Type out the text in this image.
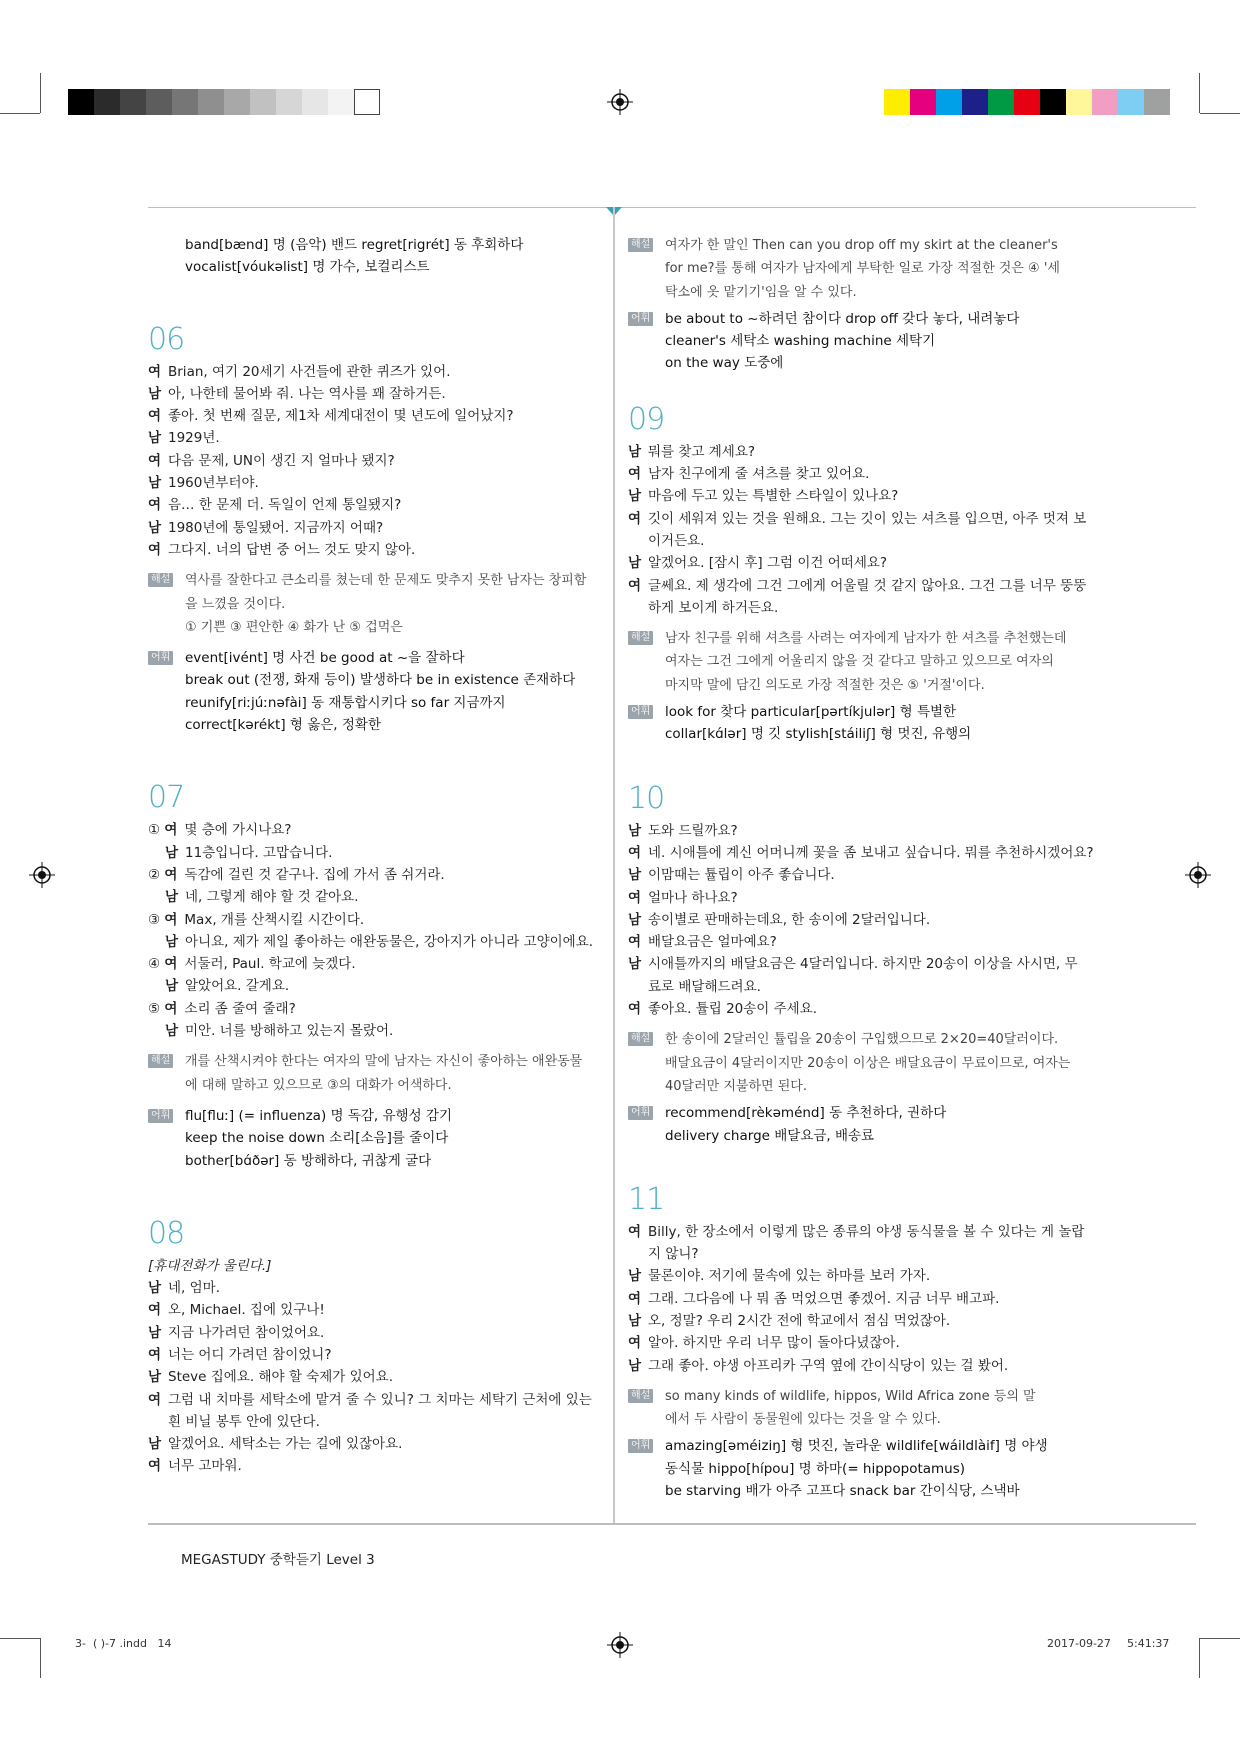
3-  ( )-7 .indd   14	2017-09-27 5:41:37
MEGASTUDY 중학듣기 Level 3
band[bænd] 명 (음악) 밴드 regret[rigrét] 동 후회하다
vocalist[vóukəlist] 명 가수, 보컬리스트
06
여 Brian, 여기 20세기 사건들에 관한 퀴즈가 있어.
남 아, 나한테 물어봐 줘. 나는 역사를 꽤 잘하거든.
여 좋아. 첫 번째 질문, 제1차 세계대전이 몇 년도에 일어났지?
남 1929년.
여 다음 문제, UN이 생긴 지 얼마나 됐지?
남 1960년부터야.
여 음… 한 문제 더. 독일이 언제 통일됐지?
남 1980년에 통일됐어. 지금까지 어때?
여 그다지. 너의 답변 중 어느 것도 맞지 않아.
해설 역사를 잘한다고 큰소리를 쳤는데 한 문제도 맞추지 못한 남자는 창피함
을 느꼈을 것이다.
① 기쁜 ③ 편안한 ④ 화가 난 ⑤ 겁먹은
어휘 event[ivént] 명 사건 be good at ~을 잘하다
break out (전쟁, 화재 등이) 발생하다 be in existence 존재하다
reunify[riːjúːnəfài] 동 재통합시키다 so far 지금까지
correct[kərékt] 형 옳은, 정확한
07
① 여 몇 층에 가시나요?
남 11층입니다. 고맙습니다.
② 여 독감에 걸린 것 같구나. 집에 가서 좀 쉬거라.
남 네, 그렇게 해야 할 것 같아요.
③ 여 Max, 개를 산책시킬 시간이다.
남 아니요, 제가 제일 좋아하는 애완동물은, 강아지가 아니라 고양이에요.
④ 여 서둘러, Paul. 학교에 늦겠다.
남 알았어요. 갈게요.
⑤ 여 소리 좀 줄여 줄래?
남 미안. 너를 방해하고 있는지 몰랐어.
해설 개를 산책시켜야 한다는 여자의 말에 남자는 자신이 좋아하는 애완동물
에 대해 말하고 있으므로 ③의 대화가 어색하다.
어휘 flu[fluː] (= influenza) 명 독감, 유행성 감기
keep the noise down 소리[소음]를 줄이다
bother[bɑ́ðər] 동 방해하다, 귀찮게 굴다
08
[휴대전화가 울린다.]
남 네, 엄마.
여 오, Michael. 집에 있구나!
남 지금 나가려던 참이었어요.
여 너는 어디 가려던 참이었니?
남 Steve 집에요. 해야 할 숙제가 있어요.
여 그럼 내 치마를 세탁소에 맡겨 줄 수 있니? 그 치마는 세탁기 근처에 있는
흰 비닐 봉투 안에 있단다.
남 알겠어요. 세탁소는 가는 길에 있잖아요.
여 너무 고마워.
해설 여자가 한 말인 Then can you drop off my skirt at the cleaner's
for me?를 통해 여자가 남자에게 부탁한 일로 가장 적절한 것은 ④ '세
탁소에 옷 맡기기'임을 알 수 있다.
어휘 be about to ~하려던 참이다 drop off 갖다 놓다, 내려놓다
cleaner's 세탁소 washing machine 세탁기
on the way 도중에
09
남 뭐를 찾고 계세요?
여 남자 친구에게 줄 셔츠를 찾고 있어요.
남 마음에 두고 있는 특별한 스타일이 있나요?
여 깃이 세워져 있는 것을 원해요. 그는 깃이 있는 셔츠를 입으면, 아주 멋져 보
이거든요.
남 알겠어요. [잠시 후] 그럼 이건 어떠세요?
여 글쎄요. 제 생각에 그건 그에게 어울릴 것 같지 않아요. 그건 그를 너무 뚱뚱
하게 보이게 하거든요.
해설 남자 친구를 위해 셔츠를 사려는 여자에게 남자가 한 셔츠를 추천했는데
여자는 그건 그에게 어울리지 않을 것 같다고 말하고 있으므로 여자의
마지막 말에 담긴 의도로 가장 적절한 것은 ⑤ '거절'이다.
어휘 look for 찾다 particular[pərtíkjulər] 형 특별한
collar[kɑ́lər] 명 깃 stylish[stáiliʃ] 형 멋진, 유행의
10
남 도와 드릴까요?
여 네. 시애틀에 계신 어머니께 꽃을 좀 보내고 싶습니다. 뭐를 추천하시겠어요?
남 이맘때는 튤립이 아주 좋습니다.
여 얼마나 하나요?
남 송이별로 판매하는데요, 한 송이에 2달러입니다.
여 배달요금은 얼마예요?
남 시애틀까지의 배달요금은 4달러입니다. 하지만 20송이 이상을 사시면, 무
료로 배달해드려요.
여 좋아요. 튤립 20송이 주세요.
해설 한 송이에 2달러인 튤립을 20송이 구입했으므로 2×20=40달러이다.
배달요금이 4달러이지만 20송이 이상은 배달요금이 무료이므로, 여자는
40달러만 지불하면 된다.
어휘 recommend[rèkəménd] 동 추천하다, 권하다
delivery charge 배달요금, 배송료
11
여 Billy, 한 장소에서 이렇게 많은 종류의 야생 동식물을 볼 수 있다는 게 놀랍
지 않니?
남 물론이야. 저기에 물속에 있는 하마를 보러 가자.
여 그래. 그다음에 나 뭐 좀 먹었으면 좋겠어. 지금 너무 배고파.
남 오, 정말? 우리 2시간 전에 학교에서 점심 먹었잖아.
여 알아. 하지만 우리 너무 많이 돌아다녔잖아.
남 그래 좋아. 야생 아프리카 구역 옆에 간이식당이 있는 걸 봤어.
해설 so many kinds of wildlife, hippos, Wild Africa zone 등의 말
에서 두 사람이 동물원에 있다는 것을 알 수 있다.
어휘 amazing[əméiziŋ] 형 멋진, 놀라운 wildlife[wáildlàif] 명 야생
동식물 hippo[hípou] 명 하마(= hippopotamus)
be starving 배가 아주 고프다 snack bar 간이식당, 스낵바
